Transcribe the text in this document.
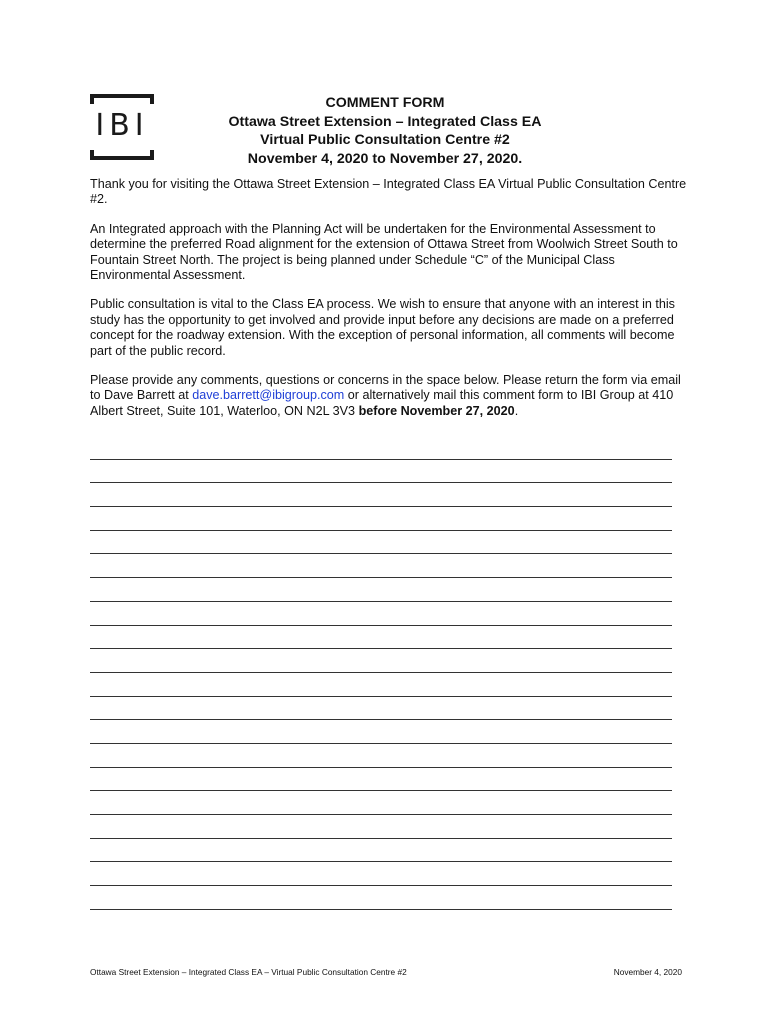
IBI
COMMENT FORM
Ottawa Street Extension – Integrated Class EA
Virtual Public Consultation Centre #2
November 4, 2020 to November 27, 2020.

Thank you for visiting the Ottawa Street Extension – Integrated Class EA Virtual Public Consultation Centre #2.

An Integrated approach with the Planning Act will be undertaken for the Environmental Assessment to determine the preferred Road alignment for the extension of Ottawa Street from Woolwich Street South to Fountain Street North. The project is being planned under Schedule “C” of the Municipal Class Environmental Assessment.

Public consultation is vital to the Class EA process. We wish to ensure that anyone with an interest in this study has the opportunity to get involved and provide input before any decisions are made on a preferred concept for the roadway extension. With the exception of personal information, all comments will become part of the public record.

Please provide any comments, questions or concerns in the space below. Please return the form via email to Dave Barrett at dave.barrett@ibigroup.com or alternatively mail this comment form to IBI Group at 410 Albert Street, Suite 101, Waterloo, ON N2L 3V3 before November 27, 2020.

Ottawa Street Extension – Integrated Class EA – Virtual Public Consultation Centre #2	November 4, 2020
